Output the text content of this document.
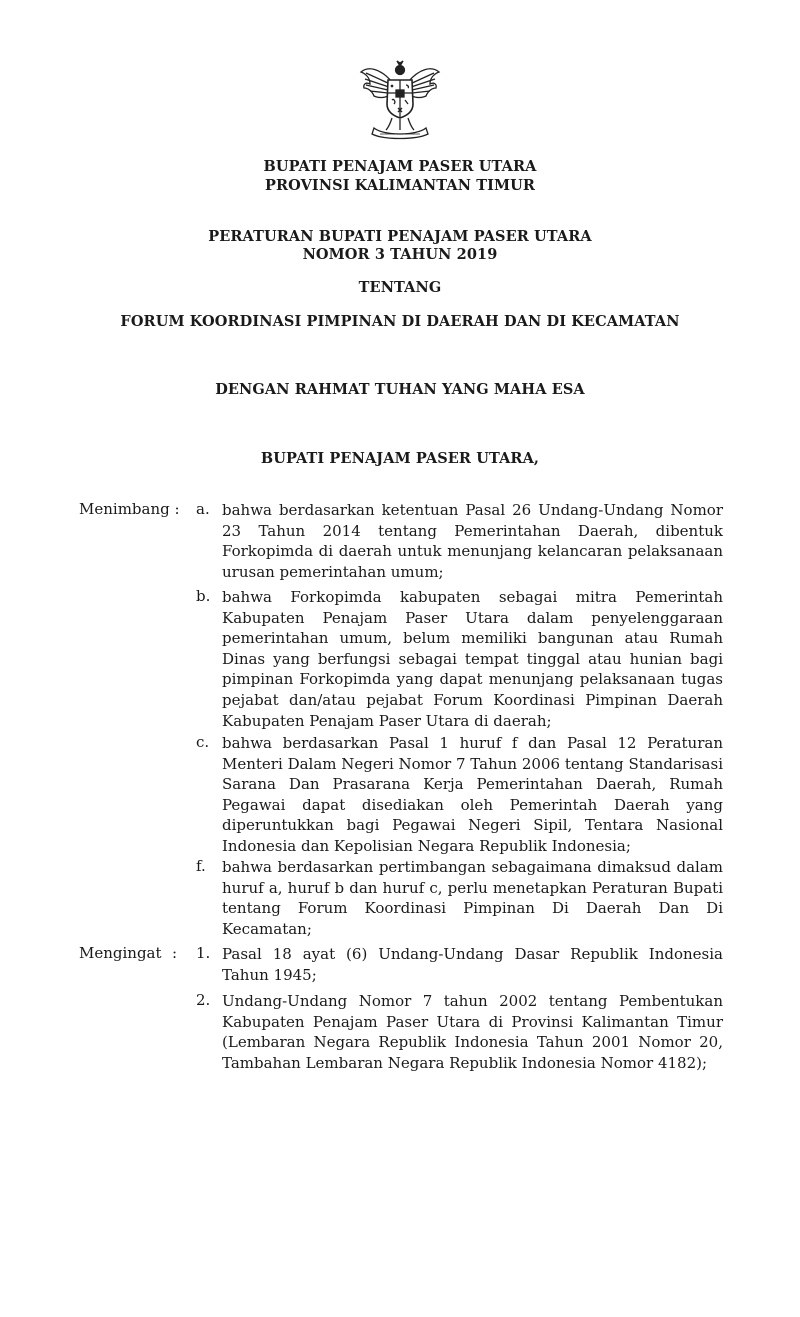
BUPATI PENAJAM PASER UTARA
PROVINSI KALIMANTAN TIMUR
PERATURAN BUPATI PENAJAM PASER UTARA
NOMOR 3 TAHUN 2019
TENTANG
FORUM KOORDINASI PIMPINAN DI DAERAH DAN DI KECAMATAN
DENGAN RAHMAT TUHAN YANG MAHA ESA
BUPATI PENAJAM PASER UTARA,
Menimbang : a. bahwa berdasarkan ketentuan Pasal 26 Undang-Undang Nomor 23 Tahun 2014 tentang Pemerintahan Daerah, dibentuk Forkopimda di daerah untuk menunjang kelancaran pelaksanaan urusan pemerintahan umum;
b. bahwa Forkopimda kabupaten sebagai mitra Pemerintah Kabupaten Penajam Paser Utara dalam penyelenggaraan pemerintahan umum, belum memiliki bangunan atau Rumah Dinas yang berfungsi sebagai tempat tinggal atau hunian bagi pimpinan Forkopimda yang dapat menunjang pelaksanaan tugas pejabat dan/atau pejabat Forum Koordinasi Pimpinan Daerah Kabupaten Penajam Paser Utara di daerah;
c. bahwa berdasarkan Pasal 1 huruf f dan Pasal 12 Peraturan Menteri Dalam Negeri Nomor 7 Tahun 2006 tentang Standarisasi Sarana Dan Prasarana Kerja Pemerintahan Daerah, Rumah Pegawai dapat disediakan oleh Pemerintah Daerah yang diperuntukkan bagi Pegawai Negeri Sipil, Tentara Nasional Indonesia dan Kepolisian Negara Republik Indonesia;
f. bahwa berdasarkan pertimbangan sebagaimana dimaksud dalam huruf a, huruf b dan huruf c, perlu menetapkan Peraturan Bupati tentang Forum Koordinasi Pimpinan Di Daerah Dan Di Kecamatan;
Mengingat : 1. Pasal 18 ayat (6) Undang-Undang Dasar Republik Indonesia Tahun 1945;
2. Undang-Undang Nomor 7 tahun 2002 tentang Pembentukan Kabupaten Penajam Paser Utara di Provinsi Kalimantan Timur (Lembaran Negara Republik Indonesia Tahun 2001 Nomor 20, Tambahan Lembaran Negara Republik Indonesia Nomor 4182);
